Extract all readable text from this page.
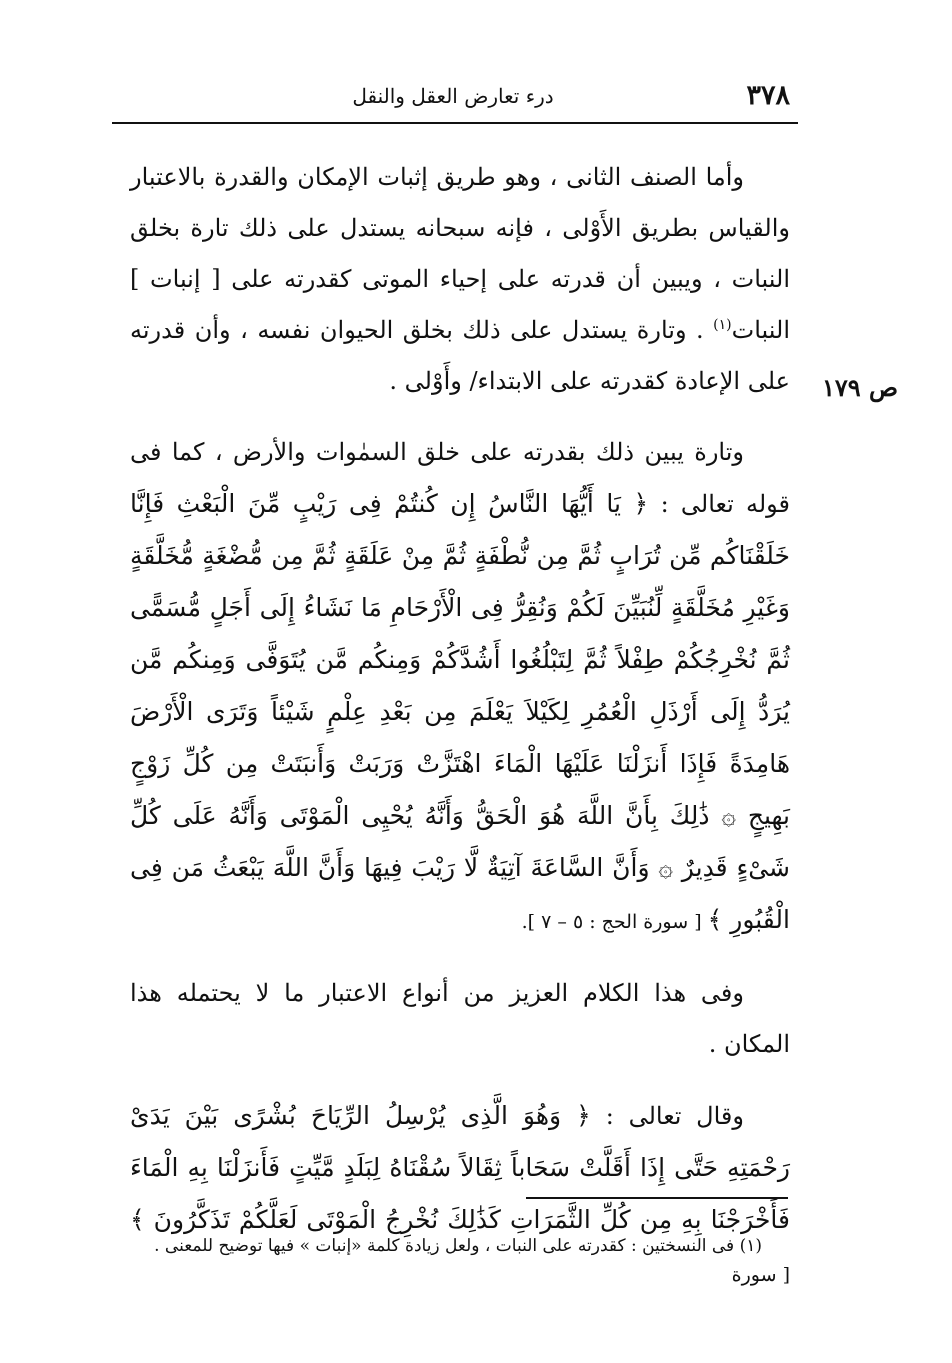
٣٧٨
درء تعارض العقل والنقل
ص ١٧٩

وأما الصنف الثانى ، وهو طريق إثبات الإمكان والقدرة بالاعتبار والقياس بطريق الأَوْلى ، فإنه سبحانه يستدل على ذلك تارة بخلق النبات ، ويبين أن قدرته على إحياء الموتى كقدرته على [ إنبات ] النبات$^{(١)}$ . وتارة يستدل على ذلك بخلق الحيوان نفسه ، وأن قدرته على الإعادة كقدرته على الابتداء/ وأَوْلى .

وتارة يبين ذلك بقدرته على خلق السمٰوات والأرض ، كما فى قوله تعالى : ﴿ يَا أَيُّهَا النَّاسُ إِن كُنتُمْ فِى رَيْبٍ مِّنَ الْبَعْثِ فَإِنَّا خَلَقْنَاكُم مِّن تُرَابٍ ثُمَّ مِن نُّطْفَةٍ ثُمَّ مِنْ عَلَقَةٍ ثُمَّ مِن مُّضْغَةٍ مُّخَلَّقَةٍ وَغَيْرِ مُخَلَّقَةٍ لِّنُبَيِّنَ لَكُمْ وَنُقِرُّ فِى الْأَرْحَامِ مَا نَشَاءُ إِلَى أَجَلٍ مُّسَمًّى ثُمَّ نُخْرِجُكُمْ طِفْلاً ثُمَّ لِتَبْلُغُوا أَشُدَّكُمْ وَمِنكُم مَّن يُتَوَفَّى وَمِنكُم مَّن يُرَدُّ إِلَى أَرْذَلِ الْعُمُرِ لِكَيْلاَ يَعْلَمَ مِن بَعْدِ عِلْمٍ شَيْئاً وَتَرَى الْأَرْضَ هَامِدَةً فَإِذَا أَنزَلْنَا عَلَيْهَا الْمَاءَ اهْتَزَّتْ وَرَبَتْ وَأَنبَتَتْ مِن كُلِّ زَوْجٍ بَهِيجٍ ۞ ذَٰلِكَ بِأَنَّ اللَّهَ هُوَ الْحَقُّ وَأَنَّهُ يُحْيِى الْمَوْتَى وَأَنَّهُ عَلَى كُلِّ شَىْءٍ قَدِيرٌ ۞ وَأَنَّ السَّاعَةَ آتِيَةٌ لَّا رَيْبَ فِيهَا وَأَنَّ اللَّهَ يَبْعَثُ مَن فِى الْقُبُورِ ﴾ [ سورة الحج : ٥ – ٧ ].

وفى هذا الكلام العزيز من أنواع الاعتبار ما لا يحتمله هذا المكان .

وقال تعالى : ﴿ وَهُوَ الَّذِى يُرْسِلُ الرِّيَاحَ بُشْرًى بَيْنَ يَدَىْ رَحْمَتِهِ حَتَّى إِذَا أَقَلَّتْ سَحَاباً ثِقَالاً سُقْنَاهُ لِبَلَدٍ مَّيِّتٍ فَأَنزَلْنَا بِهِ الْمَاءَ فَأَخْرَجْنَا بِهِ مِن كُلِّ الثَّمَرَاتِ كَذَٰلِكَ نُخْرِجُ الْمَوْتَى لَعَلَّكُمْ تَذَكَّرُونَ ﴾ [ سورة

(١) فى النسختين : كقدرته على النبات ، ولعل زيادة كلمة «إنبات » فيها توضيح للمعنى .
